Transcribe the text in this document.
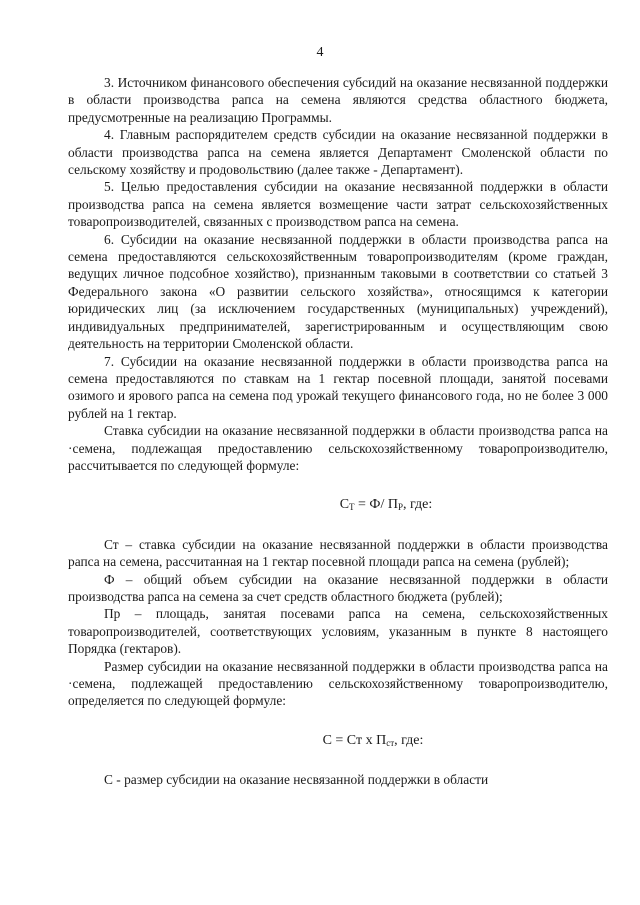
4

3. Источником финансового обеспечения субсидий на оказание несвязанной поддержки в области производства рапса на семена являются средства областного бюджета, предусмотренные на реализацию Программы.

4. Главным распорядителем средств субсидии на оказание несвязанной поддержки в области производства рапса на семена является Департамент Смоленской области по сельскому хозяйству и продовольствию (далее также - Департамент).

5. Целью предоставления субсидии на оказание несвязанной поддержки в области производства рапса на семена является возмещение части затрат сельскохозяйственных товаропроизводителей, связанных с производством рапса на семена.

6. Субсидии на оказание несвязанной поддержки в области производства рапса на семена предоставляются сельскохозяйственным товаропроизводителям (кроме граждан, ведущих личное подсобное хозяйство), признанным таковыми в соответствии со статьей 3 Федерального закона «О развитии сельского хозяйства», относящимся к категории юридических лиц (за исключением государственных (муниципальных) учреждений), индивидуальных предпринимателей, зарегистрированным и осуществляющим свою деятельность на территории Смоленской области.

7. Субсидии на оказание несвязанной поддержки в области производства рапса на семена предоставляются по ставкам на 1 гектар посевной площади, занятой посевами озимого и ярового рапса на семена под урожай текущего финансового года, но не более 3 000 рублей на 1 гектар.

Ставка субсидии на оказание несвязанной поддержки в области производства рапса на ·семена, подлежащая предоставлению сельскохозяйственному товаропроизводителю, рассчитывается по следующей формуле:

$С_Т = Ф/$ $П_Р$, где:

Ст – ставка субсидии на оказание несвязанной поддержки в области производства рапса на семена, рассчитанная на 1 гектар посевной площади рапса на семена (рублей);

Ф – общий объем субсидии на оказание несвязанной поддержки в области производства рапса на семена за счет средств областного бюджета (рублей);

Пр – площадь, занятая посевами рапса на семена, сельскохозяйственных товаропроизводителей, соответствующих условиям, указанным в пункте 8 настоящего Порядка (гектаров).

Размер субсидии на оказание несвязанной поддержки в области производства рапса на ·семена, подлежащей предоставлению сельскохозяйственному товаропроизводителю, определяется по следующей формуле:

С = Ст х $П_{ст}$, где:

С - размер субсидии на оказание несвязанной поддержки в области
